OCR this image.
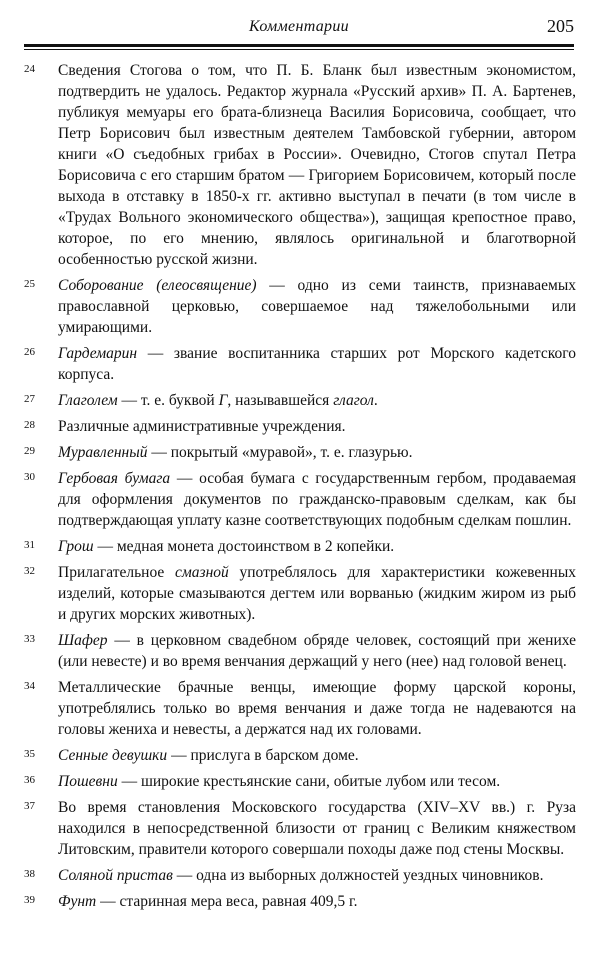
Комментарии	205
24 Сведения Стогова о том, что П. Б. Бланк был известным экономистом, подтвердить не удалось. Редактор журнала «Русский архив» П. А. Бартенев, публикуя мемуары его брата-близнеца Василия Борисовича, сообщает, что Петр Борисович был известным деятелем Тамбовской губернии, автором книги «О съедобных грибах в России». Очевидно, Стогов спутал Петра Борисовича с его старшим братом — Григорием Борисовичем, который после выхода в отставку в 1850-х гг. активно выступал в печати (в том числе в «Трудах Вольного экономического общества»), защищая крепостное право, которое, по его мнению, являлось оригинальной и благотворной особенностью русской жизни.
25 Соборование (елеосвящение) — одно из семи таинств, признаваемых православной церковью, совершаемое над тяжелобольными или умирающими.
26 Гардемарин — звание воспитанника старших рот Морского кадетского корпуса.
27 Глаголем — т. е. буквой Г, называвшейся глагол.
28 Различные административные учреждения.
29 Муравленный — покрытый «муравой», т. е. глазурью.
30 Гербовая бумага — особая бумага с государственным гербом, продаваемая для оформления документов по гражданско-правовым сделкам, как бы подтверждающая уплату казне соответствующих подобным сделкам пошлин.
31 Грош — медная монета достоинством в 2 копейки.
32 Прилагательное смазной употреблялось для характеристики кожевенных изделий, которые смазываются дегтем или ворванью (жидким жиром из рыб и других морских животных).
33 Шафер — в церковном свадебном обряде человек, состоящий при женихе (или невесте) и во время венчания держащий у него (нее) над головой венец.
34 Металлические брачные венцы, имеющие форму царской короны, употреблялись только во время венчания и даже тогда не надеваются на головы жениха и невесты, а держатся над их головами.
35 Сенные девушки — прислуга в барском доме.
36 Пошевни — широкие крестьянские сани, обитые лубом или тесом.
37 Во время становления Московского государства (XIV–XV вв.) г. Руза находился в непосредственной близости от границ с Великим княжеством Литовским, правители которого совершали походы даже под стены Москвы.
38 Соляной пристав — одна из выборных должностей уездных чиновников.
39 Фунт — старинная мера веса, равная 409,5 г.
